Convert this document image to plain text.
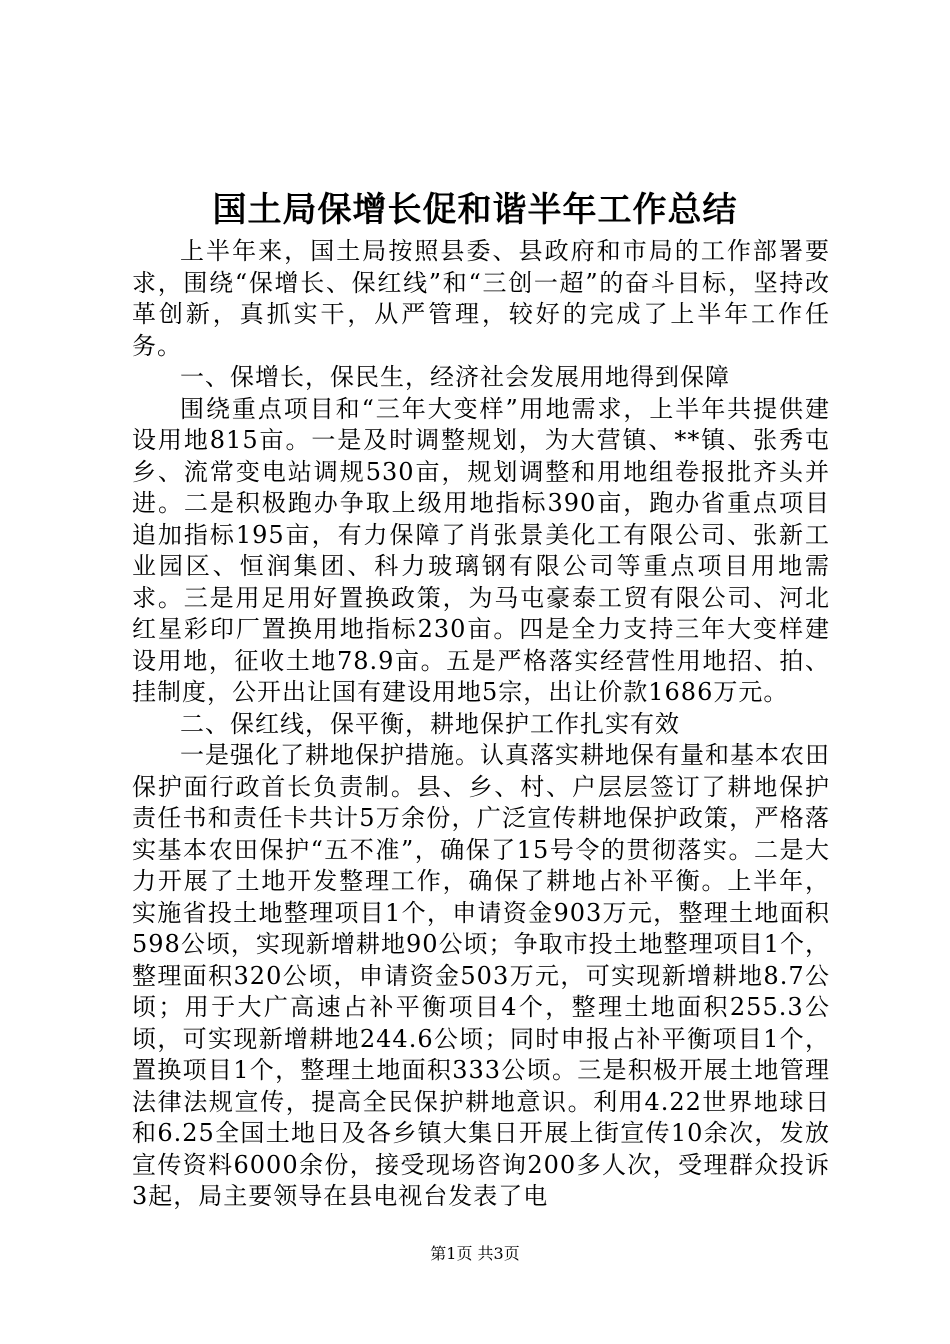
国土局保增长促和谐半年工作总结

上半年来，国土局按照县委、县政府和市局的工作部署要求，围绕“保增长、保红线”和“三创一超”的奋斗目标，坚持改革创新，真抓实干，从严管理，较好的完成了上半年工作任务。

一、保增长，保民生，经济社会发展用地得到保障

围绕重点项目和“三年大变样”用地需求，上半年共提供建设用地815亩。一是及时调整规划，为大营镇、**镇、张秀屯乡、流常变电站调规530亩，规划调整和用地组卷报批齐头并进。二是积极跑办争取上级用地指标390亩，跑办省重点项目追加指标195亩，有力保障了肖张景美化工有限公司、张新工业园区、恒润集团、科力玻璃钢有限公司等重点项目用地需求。三是用足用好置换政策，为马屯豪泰工贸有限公司、河北红星彩印厂置换用地指标230亩。四是全力支持三年大变样建设用地，征收土地78.9亩。五是严格落实经营性用地招、拍、挂制度，公开出让国有建设用地5宗，出让价款1686万元。

二、保红线，保平衡，耕地保护工作扎实有效

一是强化了耕地保护措施。认真落实耕地保有量和基本农田保护面行政首长负责制。县、乡、村、户层层签订了耕地保护责任书和责任卡共计5万余份，广泛宣传耕地保护政策，严格落实基本农田保护“五不准”，确保了15号令的贯彻落实。二是大力开展了土地开发整理工作，确保了耕地占补平衡。上半年，实施省投土地整理项目1个，申请资金903万元，整理土地面积598公顷，实现新增耕地90公顷；争取市投土地整理项目1个，整理面积320公顷，申请资金503万元，可实现新增耕地8.7公顷；用于大广高速占补平衡项目4个，整理土地面积255.3公顷，可实现新增耕地244.6公顷；同时申报占补平衡项目1个，置换项目1个，整理土地面积333公顷。三是积极开展土地管理法律法规宣传，提高全民保护耕地意识。利用4.22世界地球日和6.25全国土地日及各乡镇大集日开展上街宣传10余次，发放宣传资料6000余份，接受现场咨询200多人次，受理群众投诉3起，局主要领导在县电视台发表了电

第1页 共3页
